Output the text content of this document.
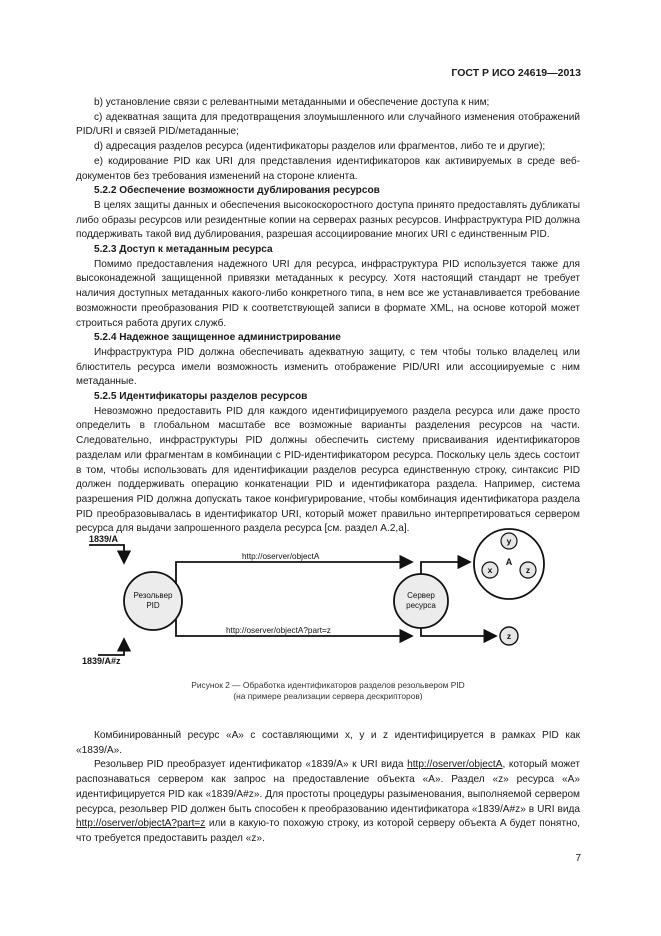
ГОСТ Р ИСО 24619—2013

b) установление связи с релевантными метаданными и обеспечение доступа к ним;

c) адекватная защита для предотвращения злоумышленного или случайного изменения отображений PID/URI и связей PID/метаданные;

d) адресация разделов ресурса (идентификаторы разделов или фрагментов, либо те и другие);

e) кодирование PID как URI для представления идентификаторов как активируемых в среде веб-документов без требования изменений на стороне клиента.

5.2.2 Обеспечение возможности дублирования ресурсов

В целях защиты данных и обеспечения высокоскоростного доступа принято предоставлять дубликаты либо образы ресурсов или резидентные копии на серверах разных ресурсов. Инфраструктура PID должна поддерживать такой вид дублирования, разрешая ассоциирование многих URI с единственным PID.

5.2.3 Доступ к метаданным ресурса

Помимо предоставления надежного URI для ресурса, инфраструктура PID используется также для высоконадежной защищенной привязки метаданных к ресурсу. Хотя настоящий стандарт не требует наличия доступных метаданных какого-либо конкретного типа, в нем все же устанавливается требование возможности преобразования PID к соответствующей записи в формате XML, на основе которой может строиться работа других служб.

5.2.4 Надежное защищенное администрирование

Инфраструктура PID должна обеспечивать адекватную защиту, с тем чтобы только владелец или блюститель ресурса имели возможность изменить отображение PID/URI или ассоциируемые с ним метаданные.

5.2.5 Идентификаторы разделов ресурсов

Невозможно предоставить PID для каждого идентифицируемого раздела ресурса или даже просто определить в глобальном масштабе все возможные варианты разделения ресурсов на части. Следовательно, инфраструктуры PID должны обеспечить систему присваивания идентификаторов разделам или фрагментам в комбинации с PID-идентификатором ресурса. Поскольку цель здесь состоит в том, чтобы использовать для идентификации разделов ресурса единственную строку, синтаксис PID должен поддерживать операцию конкатенации PID и идентификатора раздела. Например, система разрешения PID должна допускать такое конфигурирование, чтобы комбинация идентификатора раздела PID преобразовывалась в идентификатор URI, который может правильно интерпретироваться сервером ресурса для выдачи запрошенного раздела ресурса [см. раздел А.2,а].

1839/A
1839/A#z
Резольвер
PID
http://oserver/objectA
http://oserver/objectA?part=z
Сервер
ресурса
y
x	z
A
z
Рисунок 2 — Обработка идентификаторов разделов резольвером PID
(на примере реализации сервера дескрипторов)

Комбинированный ресурс «A» с составляющими x, y и z идентифицируется в рамках PID как «1839/A».

Резольвер PID преобразует идентификатор «1839/A» к URI вида http://oserver/objectA, который может распознаваться сервером как запрос на предоставление объекта «A». Раздел «z» ресурса «A» идентифицируется PID как «1839/A#z». Для простоты процедуры разыменования, выполняемой сервером ресурса, резольвер PID должен быть способен к преобразованию идентификатора «1839/A#z» в URI вида http://oserver/objectA?part=z или в какую-то похожую строку, из которой серверу объекта A будет понятно, что требуется предоставить раздел «z».

7
